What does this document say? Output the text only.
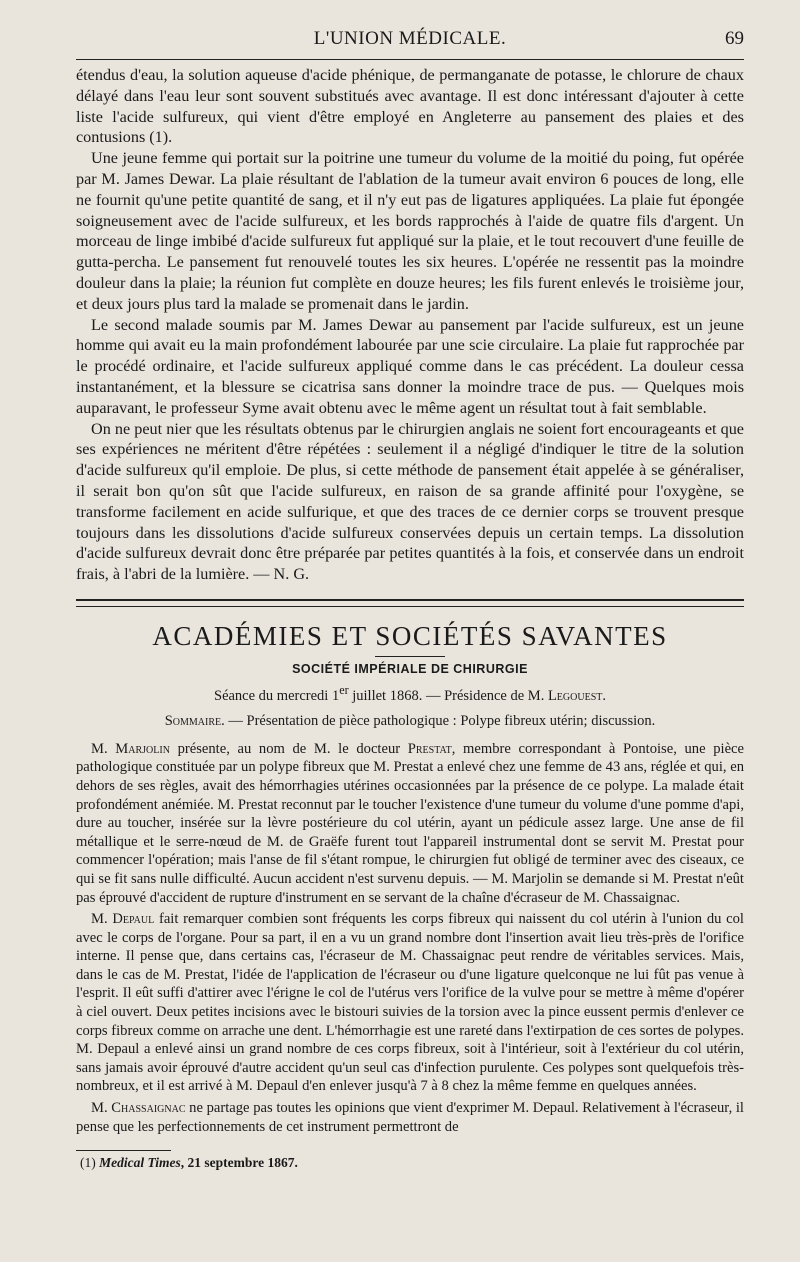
L'UNION MÉDICALE.	69

étendus d'eau, la solution aqueuse d'acide phénique, de permanganate de potasse, le chlorure de chaux délayé dans l'eau leur sont souvent substitués avec avantage. Il est donc intéressant d'ajouter à cette liste l'acide sulfureux, qui vient d'être employé en Angleterre au pansement des plaies et des contusions (1).

Une jeune femme qui portait sur la poitrine une tumeur du volume de la moitié du poing, fut opérée par M. James Dewar. La plaie résultant de l'ablation de la tumeur avait environ 6 pouces de long, elle ne fournit qu'une petite quantité de sang, et il n'y eut pas de ligatures appliquées. La plaie fut épongée soigneusement avec de l'acide sulfureux, et les bords rapprochés à l'aide de quatre fils d'argent. Un morceau de linge imbibé d'acide sulfureux fut appliqué sur la plaie, et le tout recouvert d'une feuille de gutta-percha. Le pansement fut renouvelé toutes les six heures. L'opérée ne ressentit pas la moindre douleur dans la plaie; la réunion fut complète en douze heures; les fils furent enlevés le troisième jour, et deux jours plus tard la malade se promenait dans le jardin.

Le second malade soumis par M. James Dewar au pansement par l'acide sulfureux, est un jeune homme qui avait eu la main profondément labourée par une scie circulaire. La plaie fut rapprochée par le procédé ordinaire, et l'acide sulfureux appliqué comme dans le cas précédent. La douleur cessa instantanément, et la blessure se cicatrisa sans donner la moindre trace de pus. — Quelques mois auparavant, le professeur Syme avait obtenu avec le même agent un résultat tout à fait semblable.

On ne peut nier que les résultats obtenus par le chirurgien anglais ne soient fort encourageants et que ses expériences ne méritent d'être répétées : seulement il a négligé d'indiquer le titre de la solution d'acide sulfureux qu'il emploie. De plus, si cette méthode de pansement était appelée à se généraliser, il serait bon qu'on sût que l'acide sulfureux, en raison de sa grande affinité pour l'oxygène, se transforme facilement en acide sulfurique, et que des traces de ce dernier corps se trouvent presque toujours dans les dissolutions d'acide sulfureux conservées depuis un certain temps. La dissolution d'acide sulfureux devrait donc être préparée par petites quantités à la fois, et conservée dans un endroit frais, à l'abri de la lumière. — N. G.

ACADÉMIES ET SOCIÉTÉS SAVANTES
SOCIÉTÉ IMPÉRIALE DE CHIRURGIE
Séance du mercredi 1er juillet 1868. — Présidence de M. Legouest.
Sommaire. — Présentation de pièce pathologique : Polype fibreux utérin; discussion.

M. Marjolin présente, au nom de M. le docteur Prestat, membre correspondant à Pontoise, une pièce pathologique constituée par un polype fibreux que M. Prestat a enlevé chez une femme de 43 ans, réglée et qui, en dehors de ses règles, avait des hémorrhagies utérines occasionnées par la présence de ce polype. La malade était profondément anémiée. M. Prestat reconnut par le toucher l'existence d'une tumeur du volume d'une pomme d'api, dure au toucher, insérée sur la lèvre postérieure du col utérin, ayant un pédicule assez large. Une anse de fil métallique et le serre-nœud de M. de Graëfe furent tout l'appareil instrumental dont se servit M. Prestat pour commencer l'opération; mais l'anse de fil s'étant rompue, le chirurgien fut obligé de terminer avec des ciseaux, ce qui se fit sans nulle difficulté. Aucun accident n'est survenu depuis. — M. Marjolin se demande si M. Prestat n'eût pas éprouvé d'accident de rupture d'instrument en se servant de la chaîne d'écraseur de M. Chassaignac.

M. Depaul fait remarquer combien sont fréquents les corps fibreux qui naissent du col utérin à l'union du col avec le corps de l'organe. Pour sa part, il en a vu un grand nombre dont l'insertion avait lieu très-près de l'orifice interne. Il pense que, dans certains cas, l'écraseur de M. Chassaignac peut rendre de véritables services. Mais, dans le cas de M. Prestat, l'idée de l'application de l'écraseur ou d'une ligature quelconque ne lui fût pas venue à l'esprit. Il eût suffi d'attirer avec l'érigne le col de l'utérus vers l'orifice de la vulve pour se mettre à même d'opérer à ciel ouvert. Deux petites incisions avec le bistouri suivies de la torsion avec la pince eussent permis d'enlever ce corps fibreux comme on arrache une dent. L'hémorrhagie est une rareté dans l'extirpation de ces sortes de polypes. M. Depaul a enlevé ainsi un grand nombre de ces corps fibreux, soit à l'intérieur, soit à l'extérieur du col utérin, sans jamais avoir éprouvé d'autre accident qu'un seul cas d'infection purulente. Ces polypes sont quelquefois très-nombreux, et il est arrivé à M. Depaul d'en enlever jusqu'à 7 à 8 chez la même femme en quelques années.

M. Chassaignac ne partage pas toutes les opinions que vient d'exprimer M. Depaul. Relativement à l'écraseur, il pense que les perfectionnements de cet instrument permettront de

(1) Medical Times, 21 septembre 1867.
